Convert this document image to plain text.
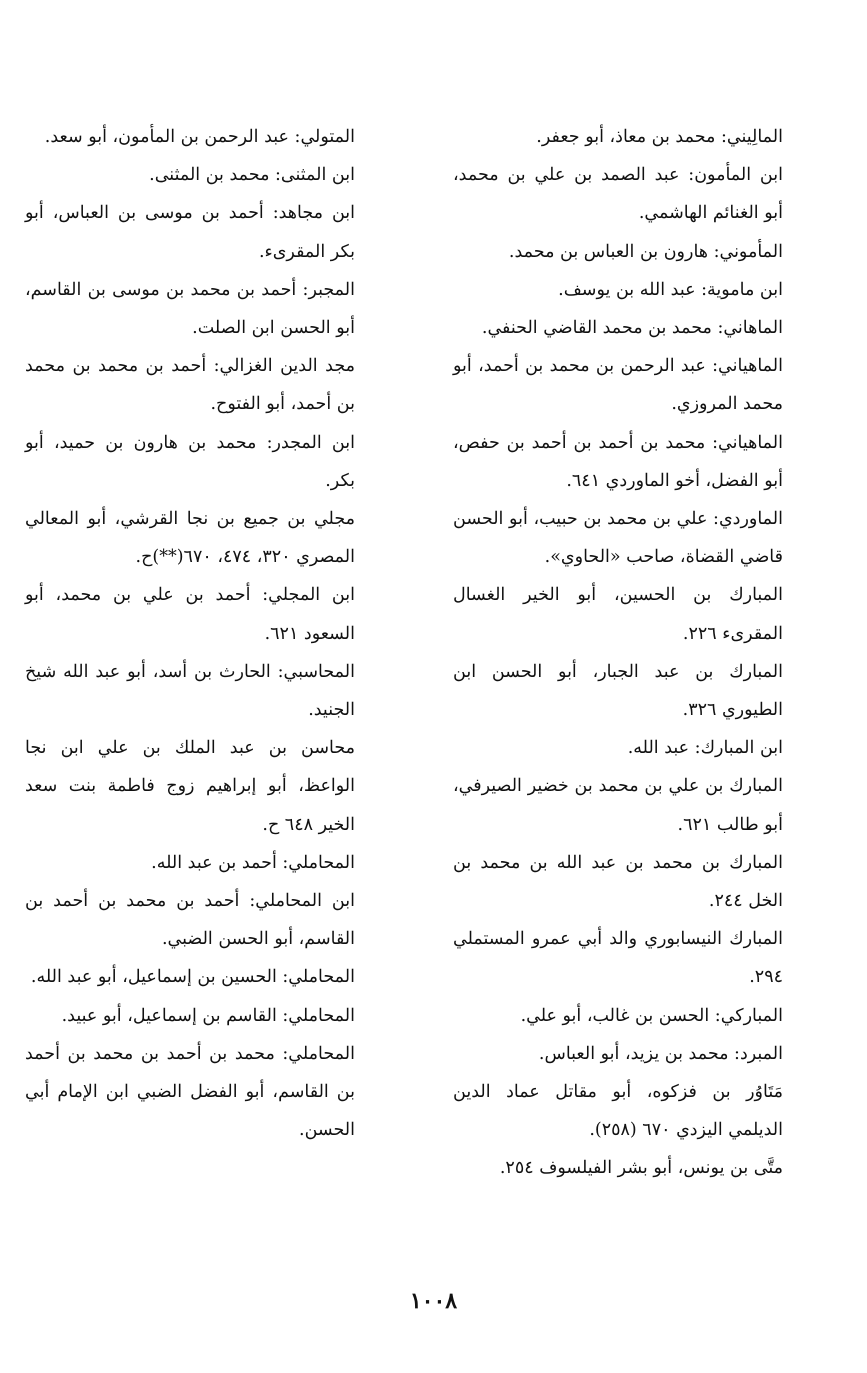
المالِيني: محمد بن معاذ، أبو جعفر.

ابن المأمون: عبد الصمد بن علي بن محمد، أبو الغنائم الهاشمي.

المأموني: هارون بن العباس بن محمد.

ابن ماموية: عبد الله بن يوسف.

الماهاني: محمد بن محمد القاضي الحنفي.

الماهياني: عبد الرحمن بن محمد بن أحمد، أبو محمد المروزي.

الماهياني: محمد بن أحمد بن أحمد بن حفص، أبو الفضل، أخو الماوردي ٦٤١.

الماوردي: علي بن محمد بن حبيب، أبو الحسن قاضي القضاة، صاحب «الحاوي».

المبارك بن الحسين، أبو الخير الغسال المقرىء ٢٢٦.

المبارك بن عبد الجبار، أبو الحسن ابن الطيوري ٣٢٦.

ابن المبارك: عبد الله.

المبارك بن علي بن محمد بن خضير الصيرفي، أبو طالب ٦٢١.

المبارك بن محمد بن عبد الله بن محمد بن الخل ٢٤٤.

المبارك النيسابوري والد أبي عمرو المستملي ٢٩٤.

المباركي: الحسن بن غالب، أبو علي.

المبرد: محمد بن يزيد، أبو العباس.

مَتَاوُر بن فزكوه، أبو مقاتل عماد الدين الديلمي اليزدي ٦٧٠ (٢٥٨).

متَّى بن يونس، أبو بشر الفيلسوف ٢٥٤.

المتولي: عبد الرحمن بن المأمون، أبو سعد.

ابن المثنى: محمد بن المثنى.

ابن مجاهد: أحمد بن موسى بن العباس، أبو بكر المقرىء.

المجبر: أحمد بن محمد بن موسى بن القاسم، أبو الحسن ابن الصلت.

مجد الدين الغزالي: أحمد بن محمد بن محمد بن أحمد، أبو الفتوح.

ابن المجدر: محمد بن هارون بن حميد، أبو بكر.

مجلي بن جميع بن نجا القرشي، أبو المعالي المصري ٣٢٠، ٤٧٤، ٦٧٠(**)ح.

ابن المجلي: أحمد بن علي بن محمد، أبو السعود ٦٢١.

المحاسبي: الحارث بن أسد، أبو عبد الله شيخ الجنيد.

محاسن بن عبد الملك بن علي ابن نجا الواعظ، أبو إبراهيم زوج فاطمة بنت سعد الخير ٦٤٨ ح.

المحاملي: أحمد بن عبد الله.

ابن المحاملي: أحمد بن محمد بن أحمد بن القاسم، أبو الحسن الضبي.

المحاملي: الحسين بن إسماعيل، أبو عبد الله.

المحاملي: القاسم بن إسماعيل، أبو عبيد.

المحاملي: محمد بن أحمد بن محمد بن أحمد بن القاسم، أبو الفضل الضبي ابن الإمام أبي الحسن.

١٠٠٨
